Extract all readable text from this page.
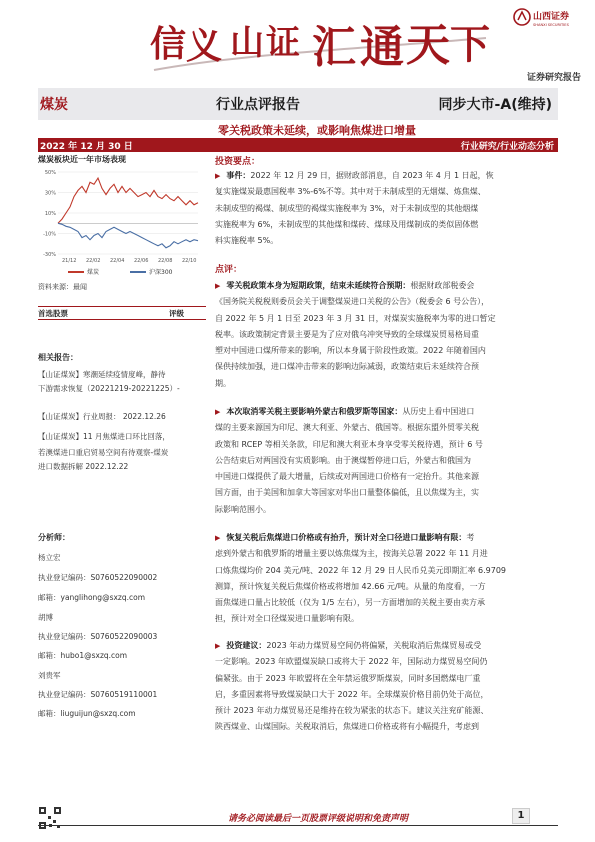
信 义 山 证 汇 通 天 下
山西证券
SHANXI SECURITIES
证券研究报告
煤炭	行业点评报告	同步大市-A(维持)
零关税政策未延续，或影响焦煤进口增量
2022 年 12 月 30 日	行业研究/行业动态分析
煤炭板块近一年市场表现
50%
30%
10%
-10%
-30%
21/12 22/02 22/04 22/06 22/08 22/10
煤炭	沪深300
资料来源：最闻
首选股票	评级
相关报告：
【山证煤炭】寒潮延续疫情度峰，静待
下游需求恢复（20221219-20221225）-
【山证煤炭】行业周报： 2022.12.26
【山证煤炭】11 月焦煤进口环比回落，
若澳煤进口重启贸易空间有待观察-煤炭
进口数据拆解 2022.12.22
分析师：
杨立宏
执业登记编码：S0760522090002
邮箱：yanglihong@sxzq.com
胡博
执业登记编码：S0760522090003
邮箱：hubo1@sxzq.com
刘贵军
执业登记编码：S0760519110001
邮箱：liuguijun@sxzq.com
投资要点：
▶ 事件：2022 年 12 月 29 日，据财政部消息，自 2023 年 4 月 1 日起，恢
复实施煤炭最惠国税率 3%-6%不等。其中对于未制成型的无烟煤、炼焦煤、
未制成型的褐煤、制成型的褐煤实施税率为 3%，对于未制成型的其他烟煤
实施税率为 6%，未制成型的其他煤和煤砖、煤球及用煤制成的类似固体燃
料实施税率 5%。
点评：
▶ 零关税政策本身为短期政策，结束未延续符合预期：根据财政部税委会
《国务院关税税则委员会关于调整煤炭进口关税的公告》（税委会 6 号公告），
自 2022 年 5 月 1 日至 2023 年 3 月 31 日，对煤炭实施税率为零的进口暂定
税率。该政策制定背景主要是为了应对俄乌冲突导致的全球煤炭贸易格局重
塑对中国进口煤所带来的影响，所以本身属于阶段性政策。2022 年随着国内
保供持续加强，进口煤冲击带来的影响边际减弱，政策结束后未延续符合预
期。
▶ 本次取消零关税主要影响外蒙古和俄罗斯等国家：从历史上看中国进口
煤的主要来源国为印尼、澳大利亚、外蒙古、俄国等。根据东盟外贸零关税
政策和 RCEP 等相关条款，印尼和澳大利亚本身享受零关税待遇，预计 6 号
公告结束后对两国没有实质影响。由于澳煤暂停进口后，外蒙古和俄国为
中国进口煤提供了最大增量，后续或对两国进口价格有一定抬升。其他来源
国方面，由于美国和加拿大等国家对华出口量整体偏低，且以焦煤为主，实
际影响范围小。
▶ 恢复关税后焦煤进口价格或有抬升，预计对全口径进口量影响有限：考
虑到外蒙古和俄罗斯的增量主要以炼焦煤为主，按海关总署 2022 年 11 月进
口炼焦煤均价 204 美元/吨、2022 年 12 月 29 日人民币兑美元即期汇率 6.9709
测算，预计恢复关税后焦煤价格或将增加 42.66 元/吨。从量的角度看，一方
面焦煤进口量占比较低（仅为 1/5 左右），另一方面增加的关税主要由卖方承
担，预计对全口径煤炭进口量影响有限。
▶ 投资建议：2023 年动力煤贸易空间仍将偏紧，关税取消后焦煤贸易或受
一定影响。2023 年欧盟煤炭缺口或将大于 2022 年，国际动力煤贸易空间仍
偏紧张。由于 2023 年欧盟将在全年禁运俄罗斯煤炭，同时多国燃煤电厂重
启，多重因素将导致煤炭缺口大于 2022 年。全球煤炭价格目前仍处于高位，
预计 2023 年动力煤贸易还是维持在较为紧张的状态下。建议关注兖矿能源、
陕西煤业、山煤国际。关税取消后，焦煤进口价格或将有小幅提升，考虑到
请务必阅读最后一页股票评级说明和免责声明	1
